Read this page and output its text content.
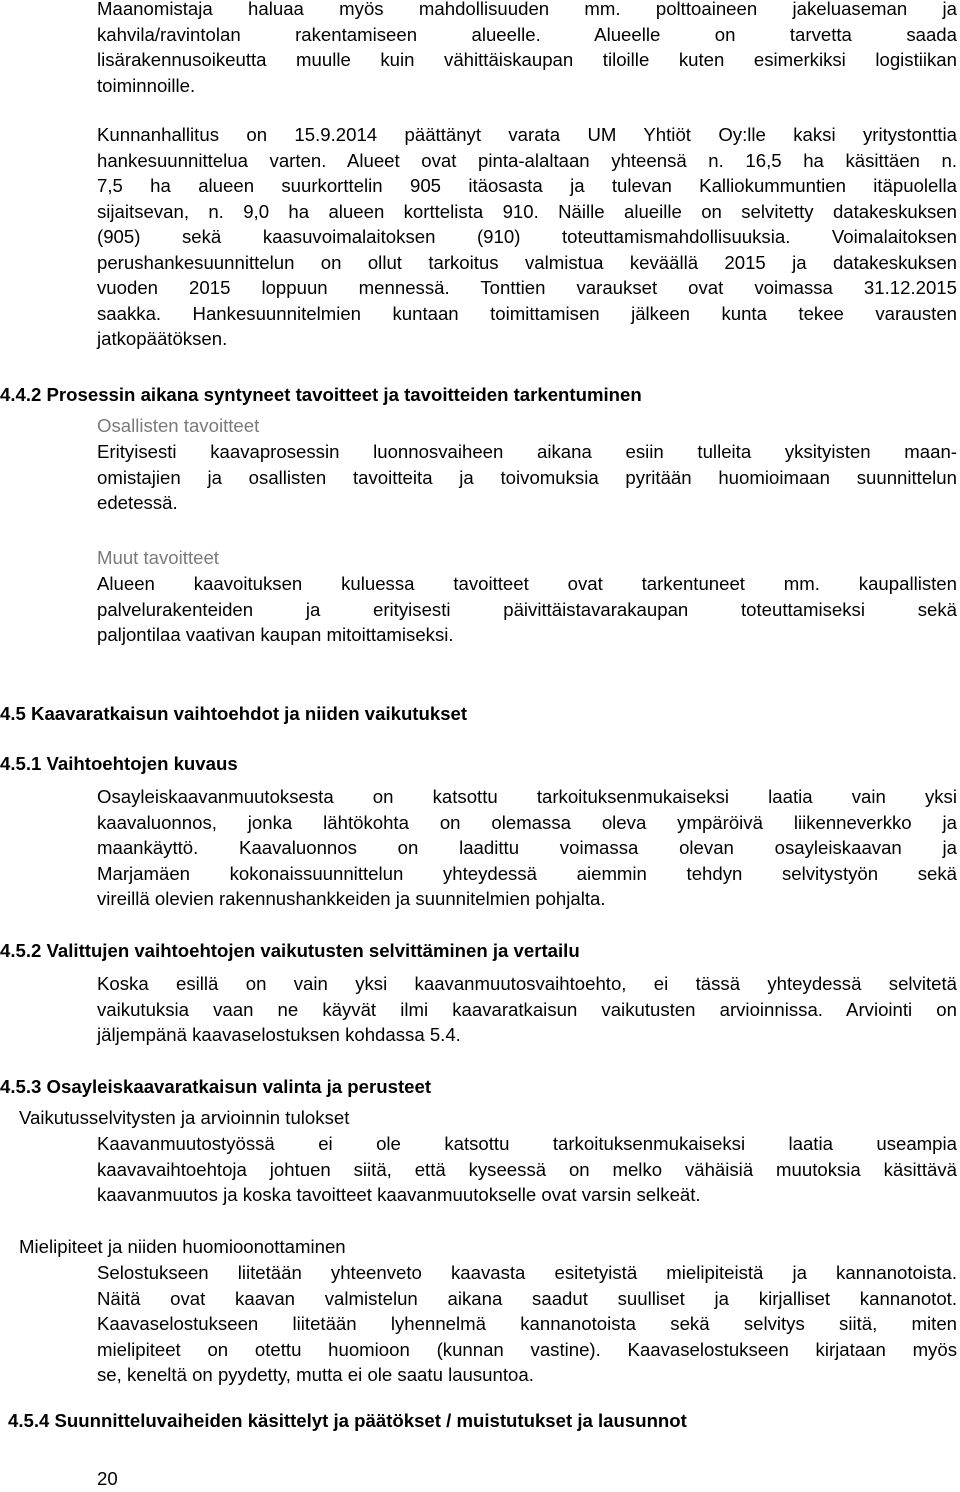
Maanomistaja haluaa myös mahdollisuuden mm. polttoaineen jakeluaseman ja
kahvila/ravintolan rakentamiseen alueelle. Alueelle on tarvetta saada
lisärakennusoikeutta muulle kuin vähittäiskaupan tiloille kuten esimerkiksi logistiikan
toiminnoille.
Kunnanhallitus on 15.9.2014 päättänyt varata UM Yhtiöt Oy:lle kaksi yritystonttia
hankesuunnittelua varten. Alueet ovat pinta-alaltaan yhteensä n. 16,5 ha käsittäen n.
7,5 ha alueen suurkorttelin 905 itäosasta ja tulevan Kalliokummuntien itäpuolella
sijaitsevan, n. 9,0 ha alueen korttelista 910. Näille alueille on selvitetty datakeskuksen
(905) sekä kaasuvoimalaitoksen (910) toteuttamismahdollisuuksia. Voimalaitoksen
perushankesuunnittelun on ollut tarkoitus valmistua keväällä 2015 ja datakeskuksen
vuoden 2015 loppuun mennessä. Tonttien varaukset ovat voimassa 31.12.2015
saakka. Hankesuunnitelmien kuntaan toimittamisen jälkeen kunta tekee varausten
jatkopäätöksen.
4.4.2 Prosessin aikana syntyneet tavoitteet ja tavoitteiden tarkentuminen
Osallisten tavoitteet
Erityisesti kaavaprosessin luonnosvaiheen aikana esiin tulleita yksityisten maan-
omistajien ja osallisten tavoitteita ja toivomuksia pyritään huomioimaan suunnittelun
edetessä.
Muut tavoitteet
Alueen kaavoituksen kuluessa tavoitteet ovat tarkentuneet mm. kaupallisten
palvelurakenteiden ja erityisesti päivittäistavarakaupan toteuttamiseksi sekä
paljontilaa vaativan kaupan mitoittamiseksi.
4.5 Kaavaratkaisun vaihtoehdot ja niiden vaikutukset
4.5.1 Vaihtoehtojen kuvaus
Osayleiskaavanmuutoksesta on katsottu tarkoituksenmukaiseksi laatia vain yksi
kaavaluonnos, jonka lähtökohta on olemassa oleva ympäröivä liikenneverkko ja
maankäyttö. Kaavaluonnos on laadittu voimassa olevan osayleiskaavan ja
Marjamäen kokonaissuunnittelun yhteydessä aiemmin tehdyn selvitystyön sekä
vireillä olevien rakennushankkeiden ja suunnitelmien pohjalta.
4.5.2 Valittujen vaihtoehtojen vaikutusten selvittäminen ja vertailu
Koska esillä on vain yksi kaavanmuutosvaihtoehto, ei tässä yhteydessä selvitetä
vaikutuksia vaan ne käyvät ilmi kaavaratkaisun vaikutusten arvioinnissa. Arviointi on
jäljempänä kaavaselostuksen kohdassa 5.4.
4.5.3 Osayleiskaavaratkaisun valinta ja perusteet
Vaikutusselvitysten ja arvioinnin tulokset
Kaavanmuutostyössä ei ole katsottu tarkoituksenmukaiseksi laatia useampia
kaavavaihtoehtoja johtuen siitä, että kyseessä on melko vähäisiä muutoksia käsittävä
kaavanmuutos ja koska tavoitteet kaavanmuutokselle ovat varsin selkeät.
Mielipiteet ja niiden huomioonottaminen
Selostukseen liitetään yhteenveto kaavasta esitetyistä mielipiteistä ja kannanotoista.
Näitä ovat kaavan valmistelun aikana saadut suulliset ja kirjalliset kannanotot.
Kaavaselostukseen liitetään lyhennelmä kannanotoista sekä selvitys siitä, miten
mielipiteet on otettu huomioon (kunnan vastine). Kaavaselostukseen kirjataan myös
se, keneltä on pyydetty, mutta ei ole saatu lausuntoa.
4.5.4 Suunnitteluvaiheiden käsittelyt ja päätökset / muistutukset ja lausunnot
20
